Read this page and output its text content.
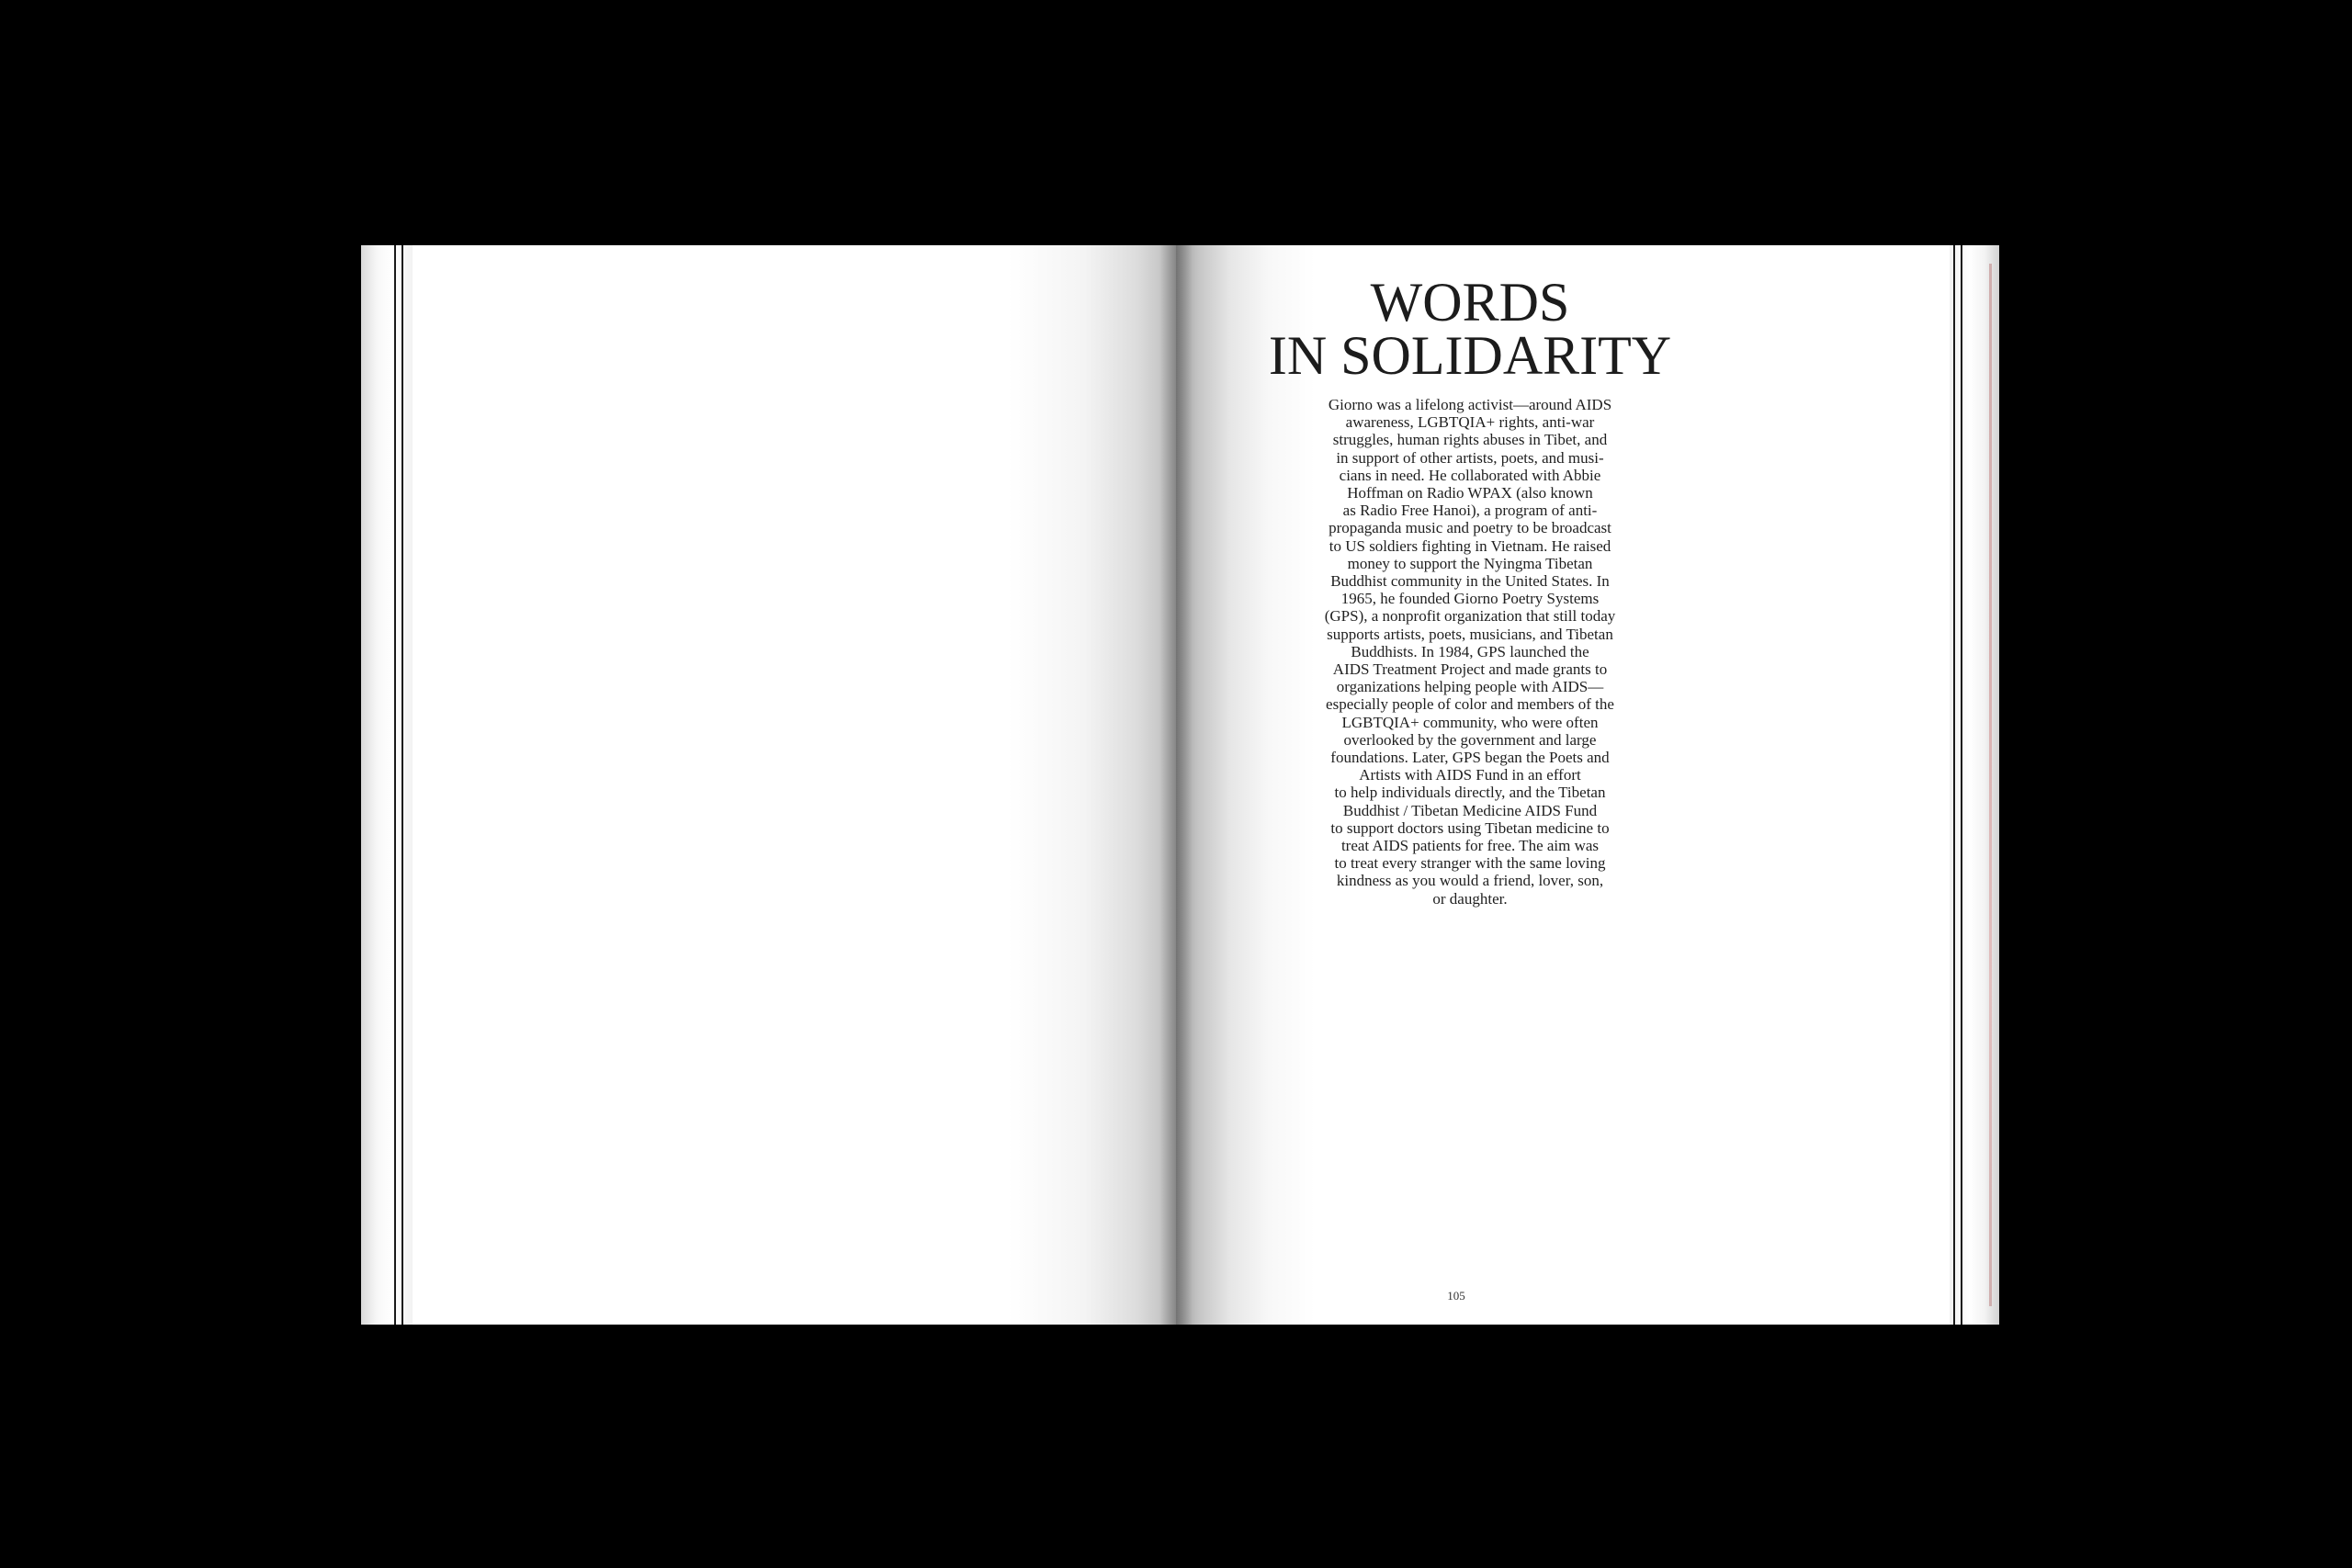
WORDS
IN SOLIDARITY

Giorno was a lifelong activist—around AIDS
awareness, LGBTQIA+ rights, anti-war
struggles, human rights abuses in Tibet, and
in support of other artists, poets, and musi-
cians in need. He collaborated with Abbie
Hoffman on Radio WPAX (also known
as Radio Free Hanoi), a program of anti-
propaganda music and poetry to be broadcast
to US soldiers fighting in Vietnam. He raised
money to support the Nyingma Tibetan
Buddhist community in the United States. In
1965, he founded Giorno Poetry Systems
(GPS), a nonprofit organization that still today
supports artists, poets, musicians, and Tibetan
Buddhists. In 1984, GPS launched the
AIDS Treatment Project and made grants to
organizations helping people with AIDS—
especially people of color and members of the
LGBTQIA+ community, who were often
overlooked by the government and large
foundations. Later, GPS began the Poets and
Artists with AIDS Fund in an effort
to help individuals directly, and the Tibetan
Buddhist / Tibetan Medicine AIDS Fund
to support doctors using Tibetan medicine to
treat AIDS patients for free. The aim was
to treat every stranger with the same loving
kindness as you would a friend, lover, son,
or daughter.

105
